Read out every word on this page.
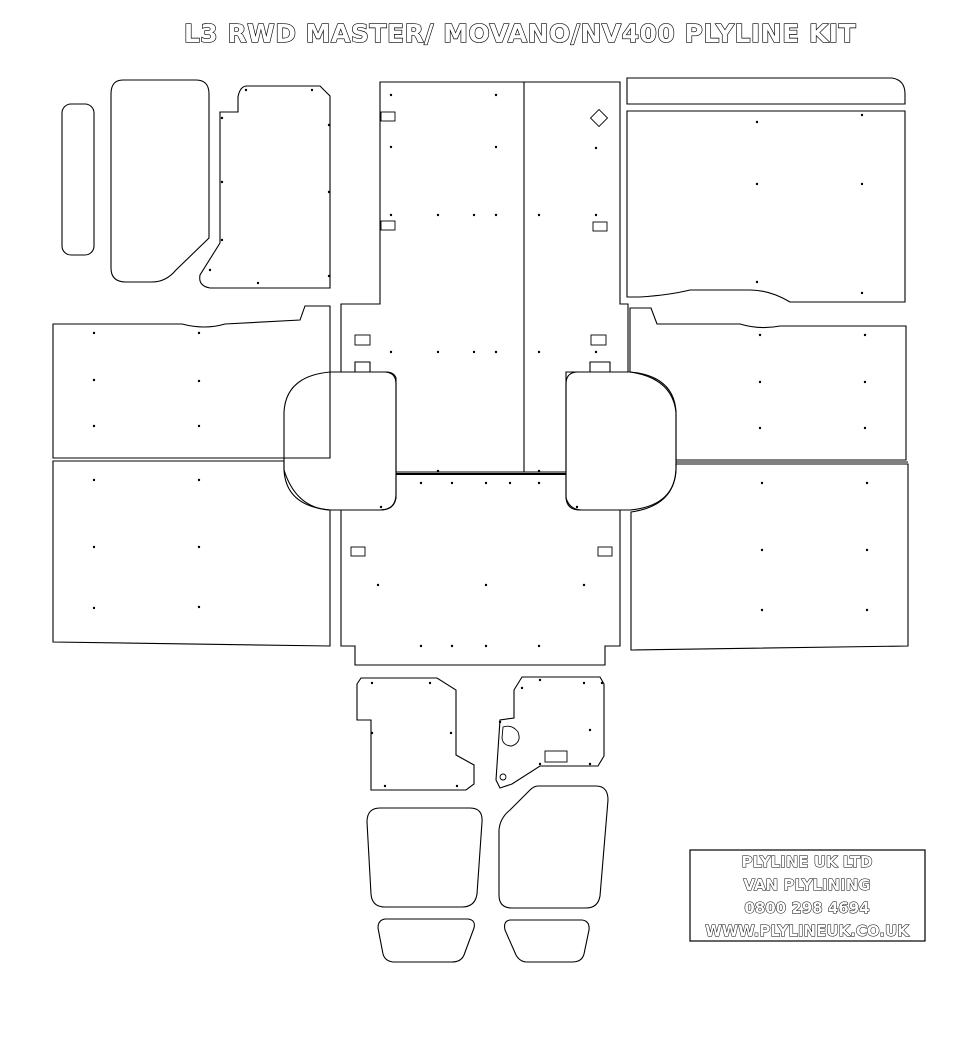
L3 RWD MASTER/ MOVANO/NV400 PLYLINE KIT
PLYLINE UK LTD
VAN PLYLINING
0800 298 4694
WWW.PLYLINEUK.CO.UK
